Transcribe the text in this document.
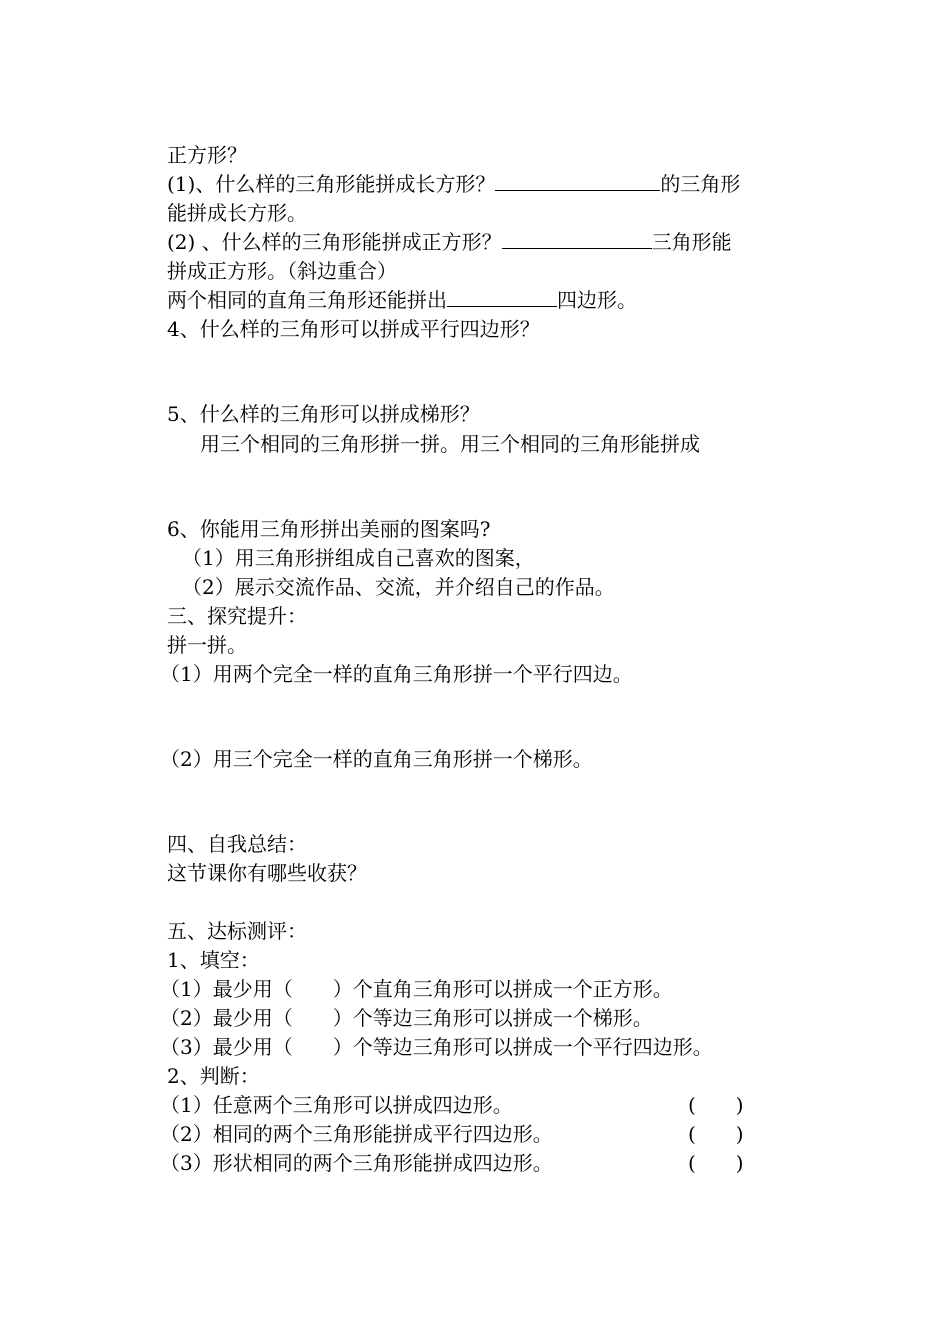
正方形？
(1)、什么样的三角形能拼成长方形？	的三角形
能拼成长方形。
(2) 、什么样的三角形能拼成正方形？	三角形能
拼成正方形。（斜边重合）
两个相同的直角三角形还能拼出	四边形。
4、什么样的三角形可以拼成平行四边形？
5、什么样的三角形可以拼成梯形？
用三个相同的三角形拼一拼。用三个相同的三角形能拼成
6、你能用三角形拼出美丽的图案吗?
（1）用三角形拼组成自己喜欢的图案，
（2）展示交流作品、交流，并介绍自己的作品。
三、探究提升：
拼一拼。
（1）用两个完全一样的直角三角形拼一个平行四边。
（2）用三个完全一样的直角三角形拼一个梯形。
四、自我总结：
这节课你有哪些收获？
五、达标测评：
1、填空：
（1）最少用（　　）个直角三角形可以拼成一个正方形。
（2）最少用（　　）个等边三角形可以拼成一个梯形。
（3）最少用（　　）个等边三角形可以拼成一个平行四边形。
2、判断：
（1）任意两个三角形可以拼成四边形。	(　　)
（2）相同的两个三角形能拼成平行四边形。	(　　)
（3）形状相同的两个三角形能拼成四边形。	(　　)
